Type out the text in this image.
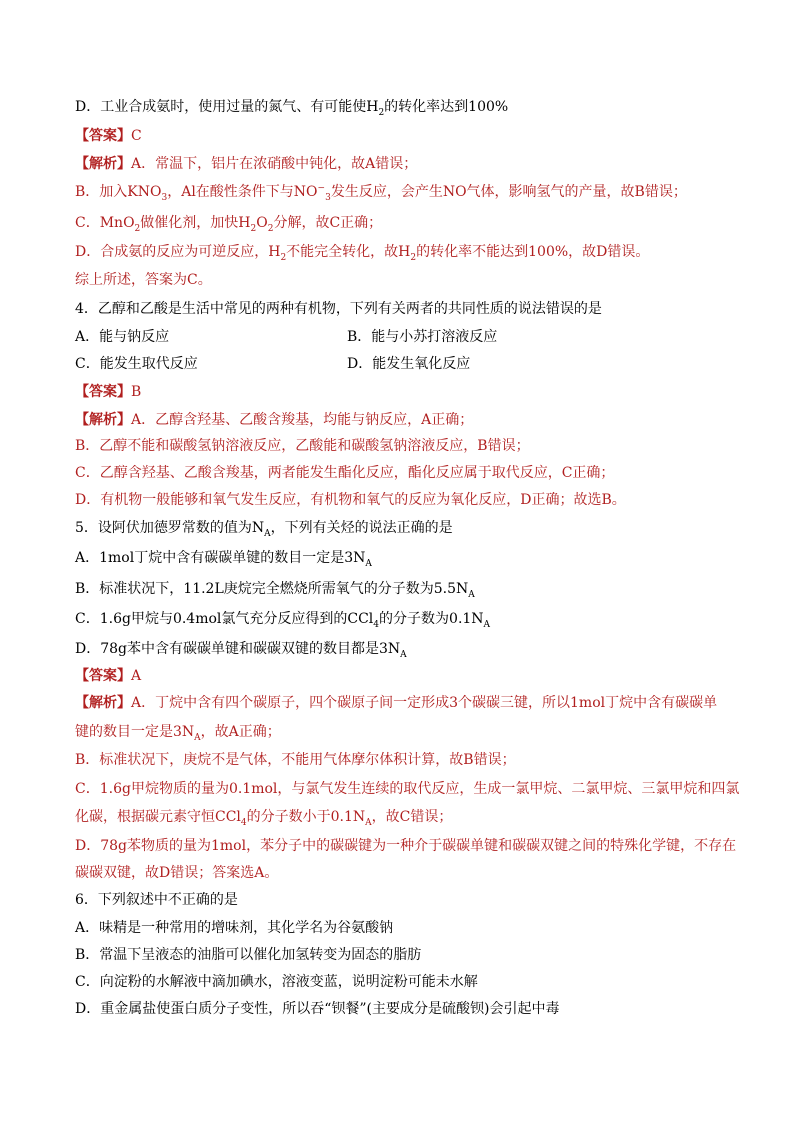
D．工业合成氨时，使用过量的氮气、有可能使$H_2$的转化率达到100%
【答案】C
【解析】A．常温下，铝片在浓硝酸中钝化，故A错误；
B．加入$KNO_3$，Al在酸性条件下与$NO^-_3$发生反应，会产生NO气体，影响氢气的产量，故B错误；
C．MnO$_2$做催化剂，加快$H_2O_2$分解，故C正确；
D．合成氨的反应为可逆反应，$H_2$不能完全转化，故$H_2$的转化率不能达到100%，故D错误。
综上所述，答案为C。
4．乙醇和乙酸是生活中常见的两种有机物，下列有关两者的共同性质的说法错误的是
A．能与钠反应	B．能与小苏打溶液反应
C．能发生取代反应	D．能发生氧化反应
【答案】B
【解析】A．乙醇含羟基、乙酸含羧基，均能与钠反应，A正确；
B．乙醇不能和碳酸氢钠溶液反应，乙酸能和碳酸氢钠溶液反应，B错误；
C．乙醇含羟基、乙酸含羧基，两者能发生酯化反应，酯化反应属于取代反应，C正确；
D．有机物一般能够和氧气发生反应，有机物和氧气的反应为氧化反应，D正确；故选B。
5．设阿伏加德罗常数的值为$N_A$，下列有关烃的说法正确的是
A．1mol丁烷中含有碳碳单键的数目一定是$3N_A$
B．标准状况下，11.2L庚烷完全燃烧所需氧气的分子数为$5.5N_A$
C．1.6g甲烷与0.4mol氯气充分反应得到的CCl$_4$的分子数为$0.1N_A$
D．78g苯中含有碳碳单键和碳碳双键的数目都是$3N_A$
【答案】A
【解析】A．丁烷中含有四个碳原子，四个碳原子间一定形成3个碳碳三键，所以1mol丁烷中含有碳碳单
键的数目一定是$3N_A$，故A正确；
B．标准状况下，庚烷不是气体，不能用气体摩尔体积计算，故B错误；
C．1.6g甲烷物质的量为0.1mol，与氯气发生连续的取代反应，生成一氯甲烷、二氯甲烷、三氯甲烷和四氯
化碳，根据碳元素守恒CCl$_4$的分子数小于$0.1N_A$，故C错误；
D．78g苯物质的量为1mol，苯分子中的碳碳键为一种介于碳碳单键和碳碳双键之间的特殊化学键，不存在
碳碳双键，故D错误；答案选A。
6．下列叙述中不正确的是
A．味精是一种常用的增味剂，其化学名为谷氨酸钠
B．常温下呈液态的油脂可以催化加氢转变为固态的脂肪
C．向淀粉的水解液中滴加碘水，溶液变蓝，说明淀粉可能未水解
D．重金属盐使蛋白质分子变性，所以吞“钡餐”(主要成分是硫酸钡)会引起中毒
